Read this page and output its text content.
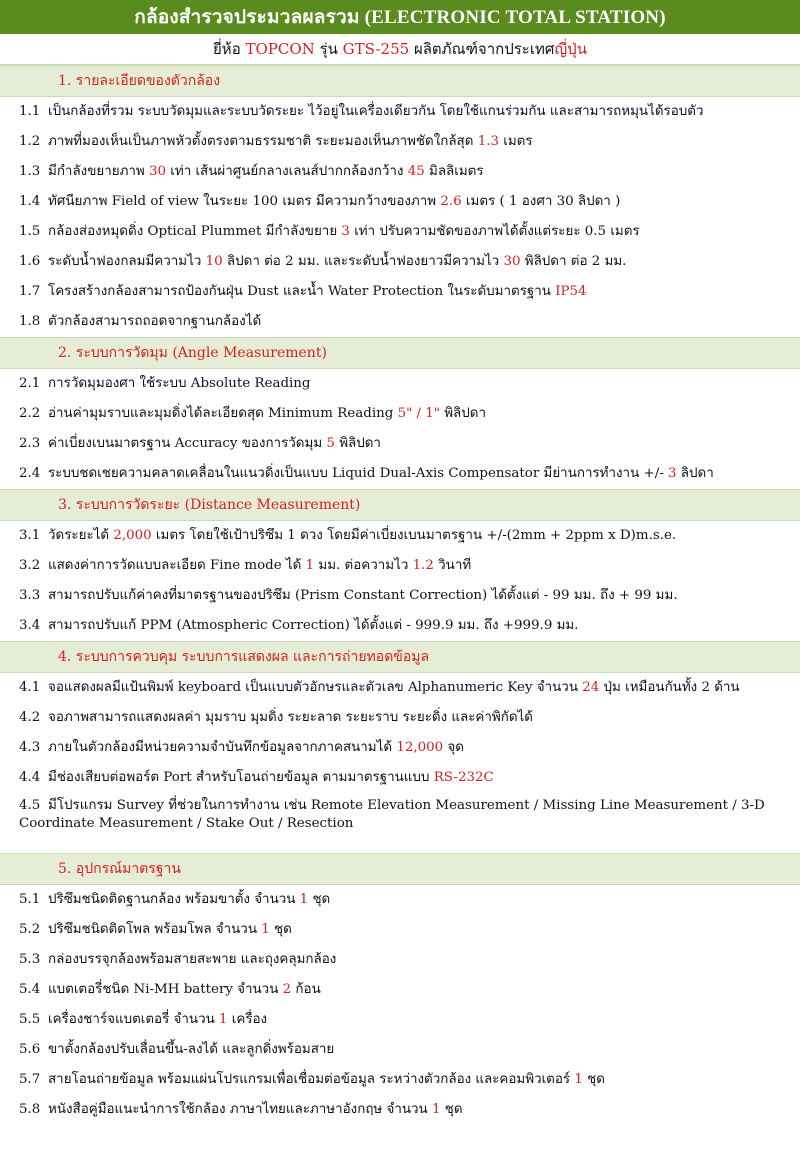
กล้องสำรวจประมวลผลรวม (ELECTRONIC TOTAL STATION)
ยี่ห้อ
TOPCON
รุ่น
GTS-255
ผลิตภัณฑ์จากประเทศ ญี่ปุ่น
1. รายละเอียดของตัวกล้อง
1.1 เป็นกล้องที่รวม ระบบวัดมุมและระบบวัดระยะ ไว้อยู่ในเครื่องเดียวกัน โดยใช้แกนร่วมกัน และสามารถหมุนได้รอบตัว
1.2 ภาพที่มองเห็นเป็นภาพหัวตั้งตรงตามธรรมชาติ ระยะมองเห็นภาพชัดใกล้สุด 1.3 เมตร
1.3 มีกำลังขยายภาพ 30 เท่า เส้นผ่าศูนย์กลางเลนส์ปากกล้องกว้าง 45 มิลลิเมตร
1.4 ทัศนียภาพ Field of view ในระยะ 100 เมตร มีความกว้างของภาพ 2.6 เมตร ( 1 องศา 30 ลิปดา )
1.5 กล้องส่องหมุดดิ่ง Optical Plummet มีกำลังขยาย 3 เท่า ปรับความชัดของภาพได้ตั้งแต่ระยะ 0.5 เมตร
1.6 ระดับน้ำฟองกลมมีความไว 10 ลิปดา ต่อ 2 มม. และระดับน้ำฟองยาวมีความไว 30 พิลิปดา ต่อ 2 มม.
1.7 โครงสร้างกล้องสามารถป้องกันฝุ่น Dust และน้ำ Water Protection ในระดับมาตรฐาน IP54
1.8 ตัวกล้องสามารถถอดจากฐานกล้องได้
2. ระบบการวัดมุม (Angle Measurement)
2.1 การวัดมุมองศา ใช้ระบบ Absolute Reading
2.2 อ่านค่ามุมราบและมุมดิ่งได้ละเอียดสุด Minimum Reading 5" / 1" พิลิปดา
2.3 ค่าเบี่ยงเบนมาตรฐาน Accuracy ของการวัดมุม 5 พิลิปดา
2.4 ระบบชดเชยความคลาดเคลื่อนในแนวดิ่งเป็นแบบ Liquid Dual-Axis Compensator มีย่านการทำงาน +/- 3 ลิปดา
3. ระบบการวัดระยะ (Distance Measurement)
3.1 วัดระยะได้ 2,000 เมตร โดยใช้เป้าปริซึม 1 ดวง โดยมีค่าเบี่ยงเบนมาตรฐาน +/-(2mm + 2ppm x D)m.s.e.
3.2 แสดงค่าการวัดแบบละเอียด Fine mode ได้ 1 มม. ต่อความไว 1.2 วินาที
3.3 สามารถปรับแก้ค่าคงที่มาตรฐานของปริซึม (Prism Constant Correction) ได้ตั้งแต่ - 99 มม. ถึง + 99 มม.
3.4 สามารถปรับแก้ PPM (Atmospheric Correction) ได้ตั้งแต่ - 999.9 มม. ถึง +999.9 มม.
4. ระบบการควบคุม ระบบการแสดงผล และการถ่ายทอดข้อมูล
4.1 จอแสดงผลมีแป้นพิมพ์ keyboard เป็นแบบตัวอักษรและตัวเลข Alphanumeric Key จำนวน 24 ปุ่ม เหมือนกันทั้ง 2 ด้าน
4.2 จอภาพสามารถแสดงผลค่า มุมราบ มุมดิ่ง ระยะลาด ระยะราบ ระยะดิ่ง และค่าพิกัดได้
4.3 ภายในตัวกล้องมีหน่วยความจำบันทึกข้อมูลจากภาคสนามได้ 12,000 จุด
4.4 มีช่องเสียบต่อพอร์ต Port สำหรับโอนถ่ายข้อมูล ตามมาตรฐานแบบ RS-232C
4.5 มีโปรแกรม Survey ที่ช่วยในการทำงาน เช่น Remote Elevation Measurement / Missing Line Measurement / 3-D
Coordinate Measurement / Stake Out / Resection
5. อุปกรณ์มาตรฐาน
5.1 ปริซึมชนิดติดฐานกล้อง พร้อมขาตั้ง จำนวน 1 ชุด
5.2 ปริซึมชนิดติดโพล พร้อมโพล จำนวน 1 ชุด
5.3 กล่องบรรจุกล้องพร้อมสายสะพาย และถุงคลุมกล้อง
5.4 แบตเตอรี่ชนิด Ni-MH battery จำนวน 2 ก้อน
5.5 เครื่องชาร์จแบตเตอรี่ จำนวน 1 เครื่อง
5.6 ขาตั้งกล้องปรับเลื่อนขึ้น-ลงได้ และลูกดิ่งพร้อมสาย
5.7 สายโอนถ่ายข้อมูล พร้อมแผ่นโปรแกรมเพื่อเชื่อมต่อข้อมูล ระหว่างตัวกล้อง และคอมพิวเตอร์ 1 ชุด
5.8 หนังสือคู่มือแนะนำการใช้กล้อง ภาษาไทยและภาษาอังกฤษ จำนวน 1 ชุด
